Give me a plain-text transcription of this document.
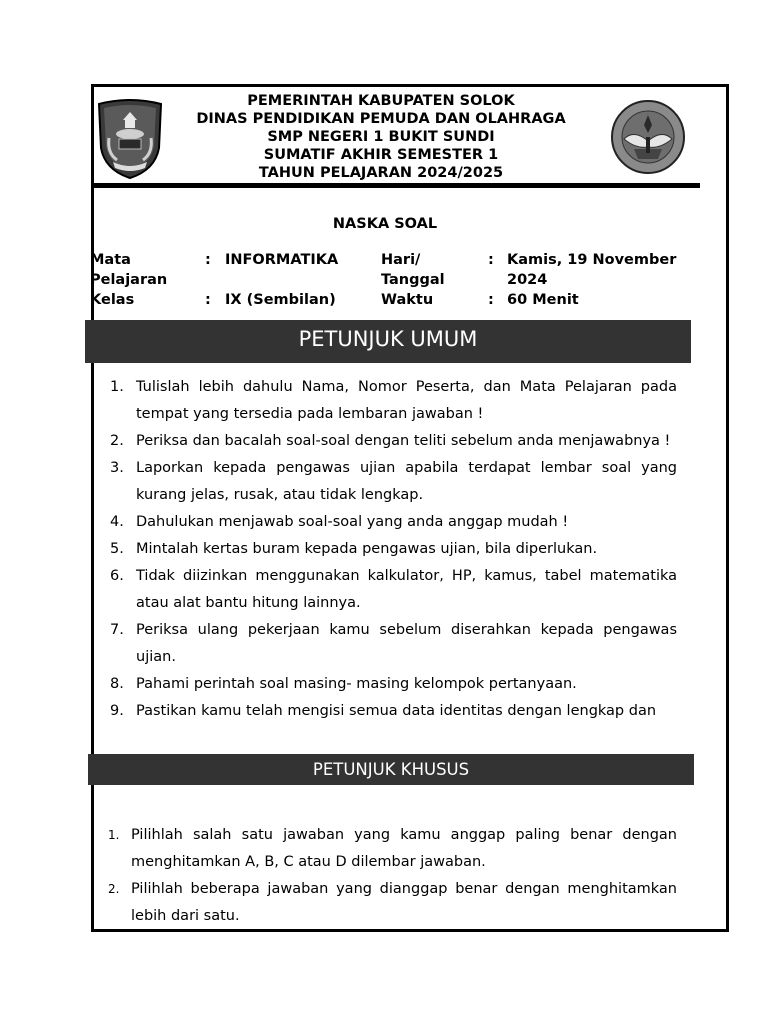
PEMERINTAH KABUPATEN SOLOK
DINAS PENDIDIKAN PEMUDA DAN OLAHRAGA
SMP NEGERI 1 BUKIT SUNDI
SUMATIF AKHIR SEMESTER 1
TAHUN PELAJARAN 2024/2025
NASKA SOAL
Mata
Pelajaran
: INFORMATIKA
Kelas	: IX (Sembilan)
Hari/
Tanggal
: Kamis, 19 November
2024
Waktu	: 60 Menit
PETUNJUK UMUM
1. Tulislah lebih dahulu Nama, Nomor Peserta, dan Mata Pelajaran pada tempat yang tersedia pada lembaran jawaban !
2. Periksa dan bacalah soal-soal dengan teliti sebelum anda menjawabnya !
3. Laporkan kepada pengawas ujian apabila terdapat lembar soal yang kurang jelas, rusak, atau tidak lengkap.
4. Dahulukan menjawab soal-soal yang anda anggap mudah !
5. Mintalah kertas buram kepada pengawas ujian, bila diperlukan.
6. Tidak diizinkan menggunakan kalkulator, HP, kamus, tabel matematika atau alat bantu hitung lainnya.
7. Periksa ulang pekerjaan kamu sebelum diserahkan kepada pengawas ujian.
8. Pahami perintah soal masing- masing kelompok pertanyaan.
9. Pastikan kamu telah mengisi semua data identitas dengan lengkap dan
PETUNJUK KHUSUS
1. Pilihlah salah satu jawaban yang kamu anggap paling benar dengan menghitamkan A, B, C atau D dilembar jawaban.
2. Pilihlah beberapa jawaban yang dianggap benar dengan menghitamkan lebih dari satu.
